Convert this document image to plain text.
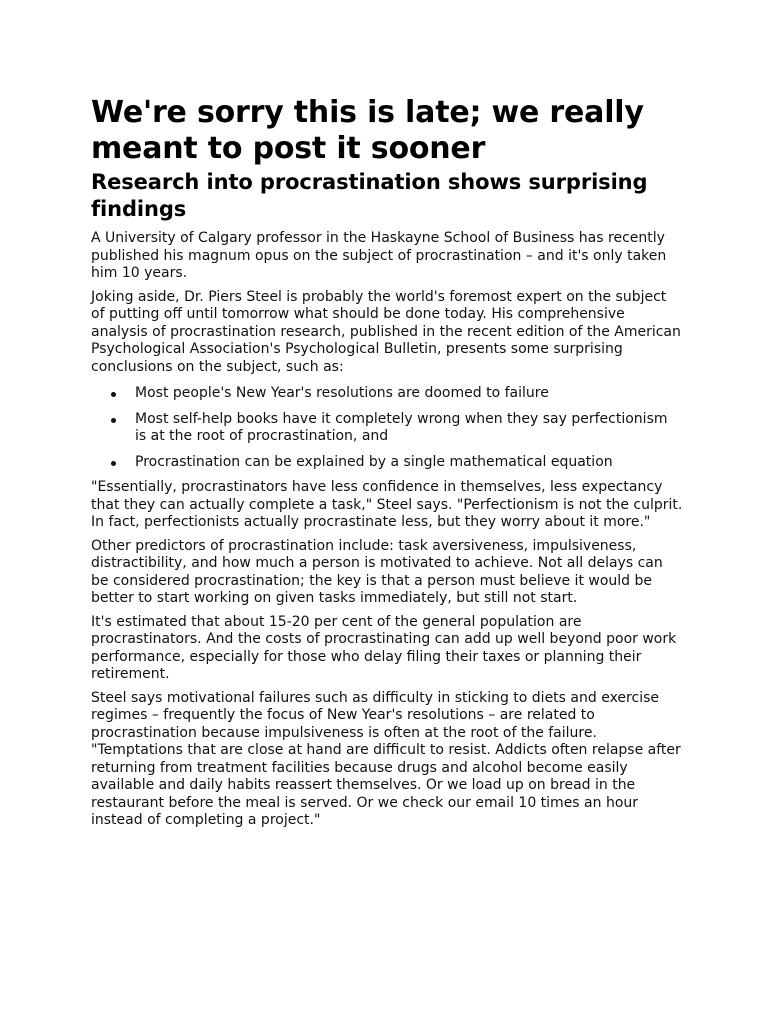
We're sorry this is late; we really meant to post it sooner
Research into procrastination shows surprising findings

A University of Calgary professor in the Haskayne School of Business has recently published his magnum opus on the subject of procrastination – and it's only taken him 10 years.

Joking aside, Dr. Piers Steel is probably the world's foremost expert on the subject of putting off until tomorrow what should be done today. His comprehensive analysis of procrastination research, published in the recent edition of the American Psychological Association's Psychological Bulletin, presents some surprising conclusions on the subject, such as:

Most people's New Year's resolutions are doomed to failure
Most self-help books have it completely wrong when they say perfectionism is at the root of procrastination, and
Procrastination can be explained by a single mathematical equation

"Essentially, procrastinators have less confidence in themselves, less expectancy that they can actually complete a task," Steel says. "Perfectionism is not the culprit. In fact, perfectionists actually procrastinate less, but they worry about it more."

Other predictors of procrastination include: task aversiveness, impulsiveness, distractibility, and how much a person is motivated to achieve. Not all delays can be considered procrastination; the key is that a person must believe it would be better to start working on given tasks immediately, but still not start.

It's estimated that about 15-20 per cent of the general population are procrastinators. And the costs of procrastinating can add up well beyond poor work performance, especially for those who delay filing their taxes or planning their retirement.

Steel says motivational failures such as difficulty in sticking to diets and exercise regimes – frequently the focus of New Year's resolutions – are related to procrastination because impulsiveness is often at the root of the failure. "Temptations that are close at hand are difficult to resist. Addicts often relapse after returning from treatment facilities because drugs and alcohol become easily available and daily habits reassert themselves. Or we load up on bread in the restaurant before the meal is served. Or we check our email 10 times an hour instead of completing a project."
